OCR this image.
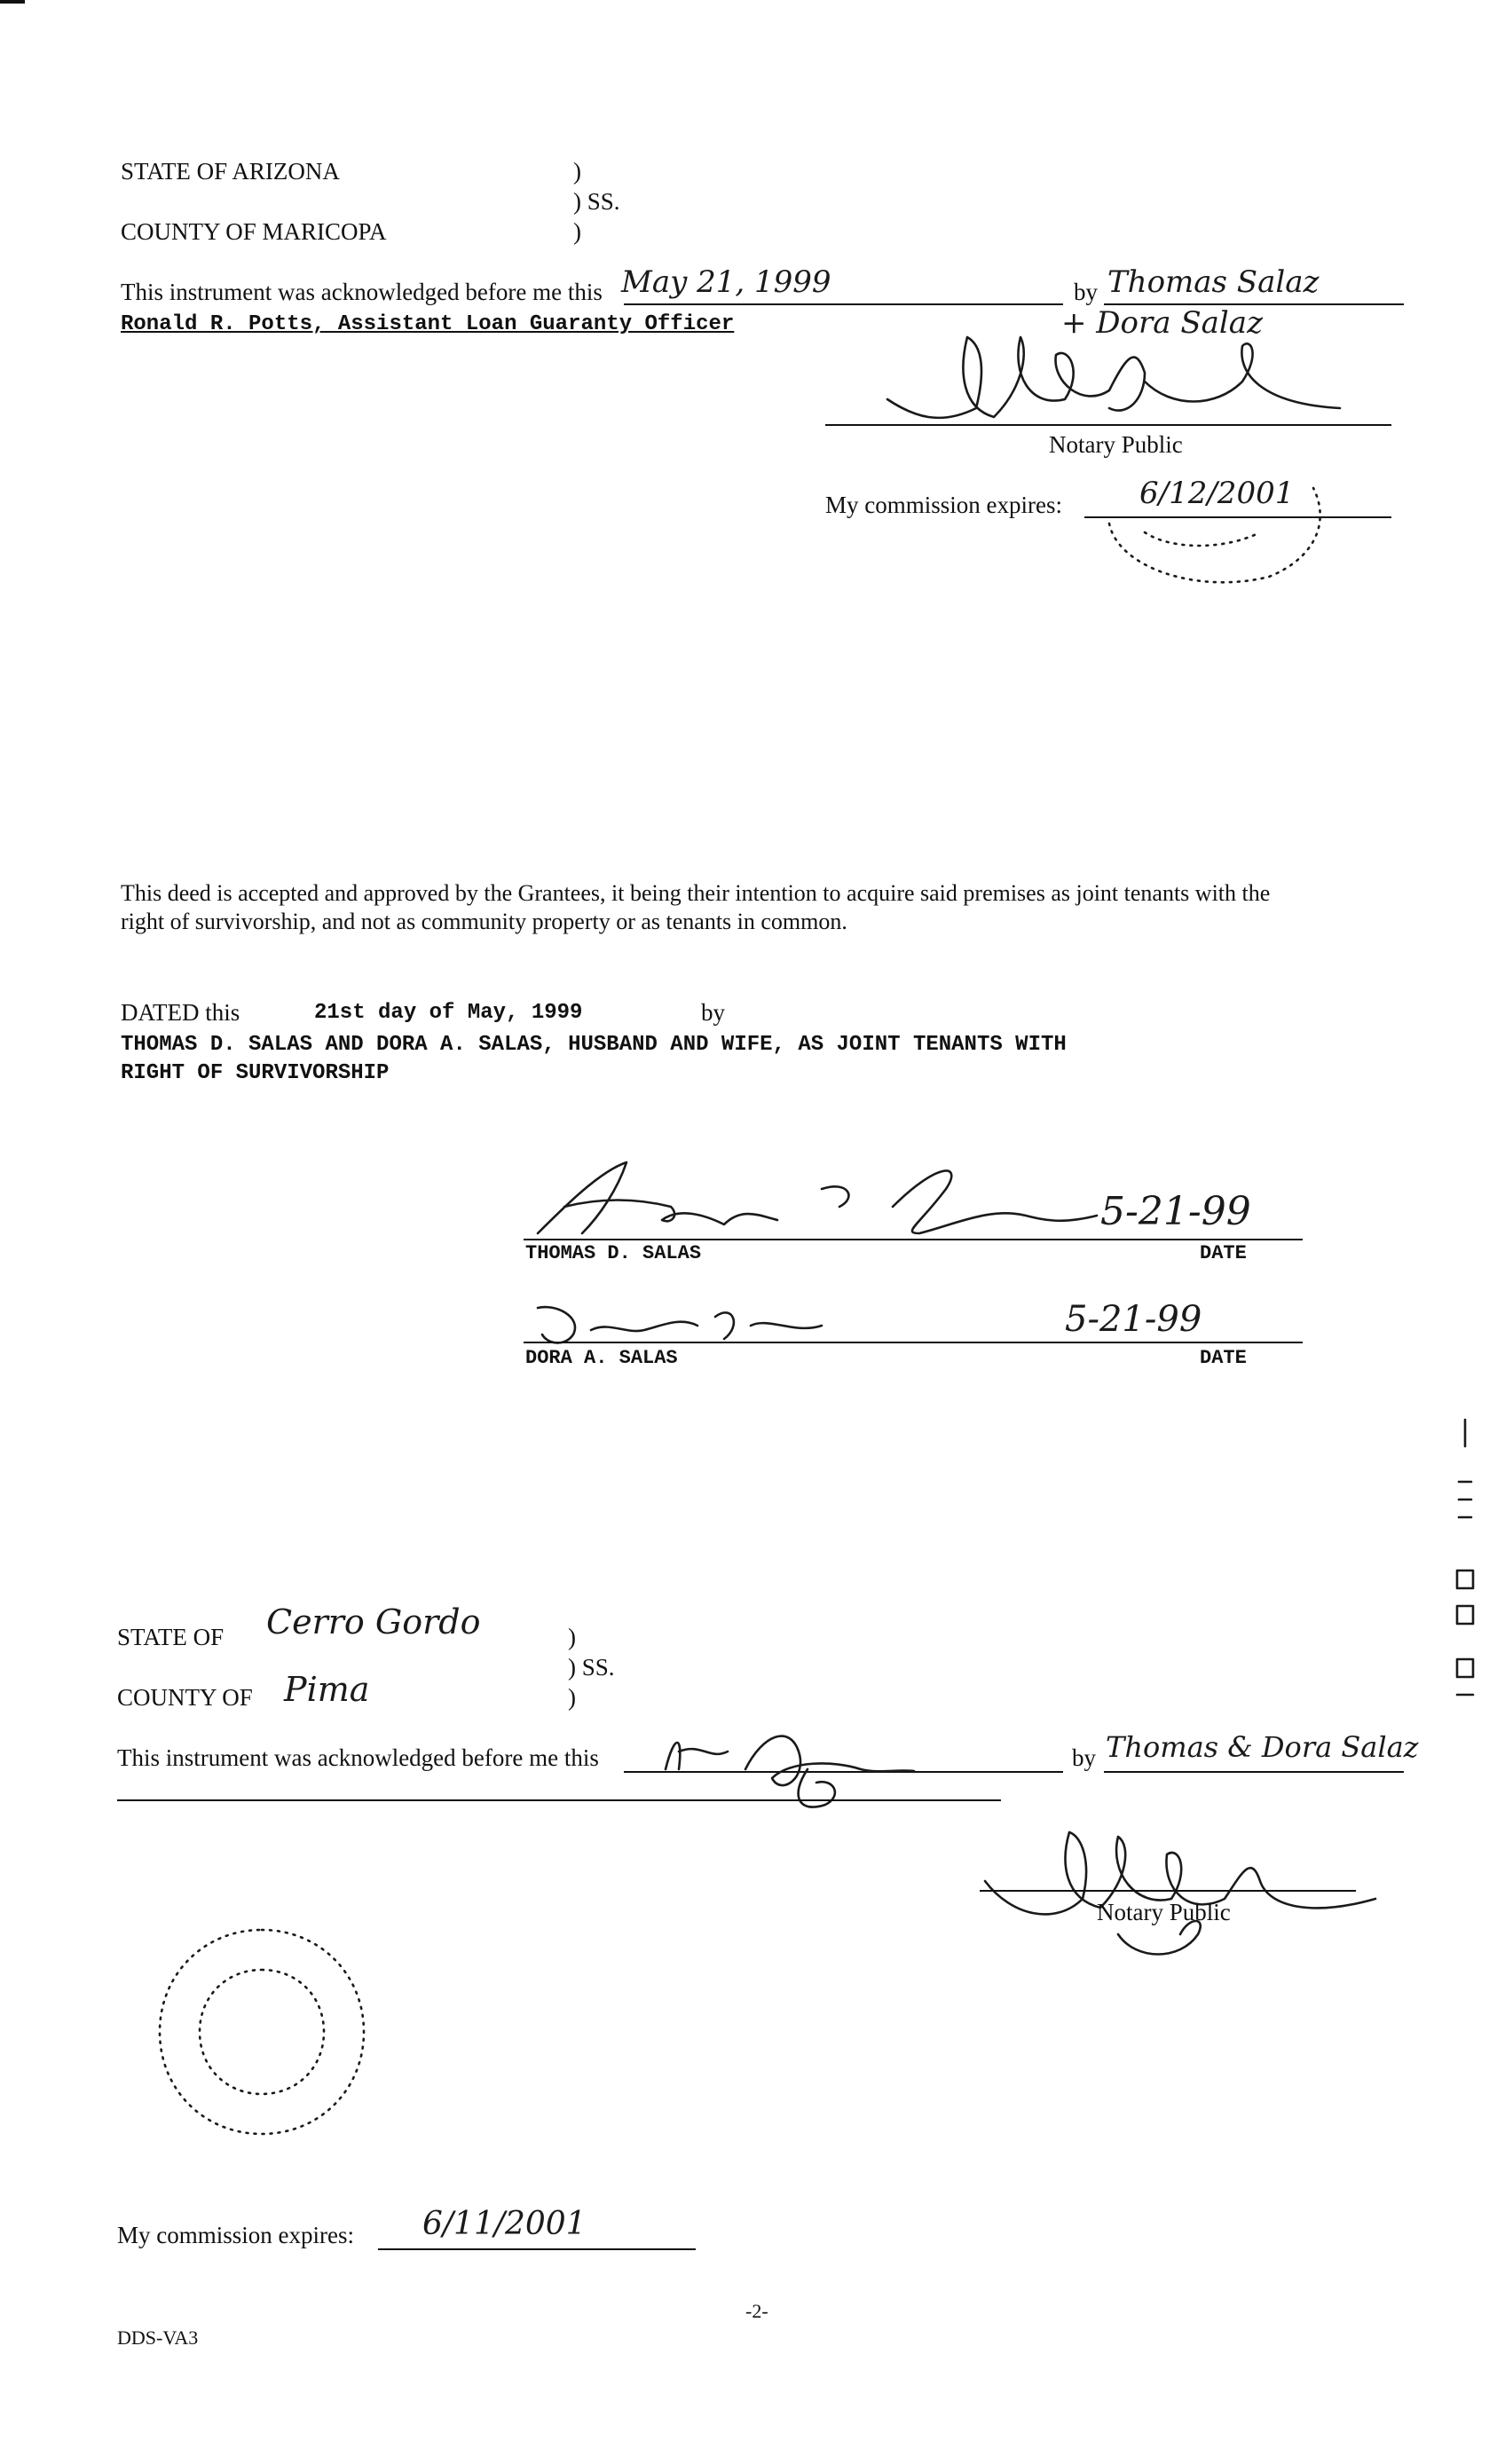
STATE OF ARIZONA	)
) SS.
COUNTY OF MARICOPA	)
This instrument was acknowledged before me this May 21, 1999	by Thomas Salaz
Ronald R. Potts, Assistant Loan Guaranty Officer	+ Dora Salaz
Notary Public
My commission expires:	6/12/2001
This deed is accepted and approved by the Grantees, it being their intention to acquire said premises as joint tenants with the
right of survivorship, and not as community property or as tenants in common.
DATED this	21st day of May, 1999	by
THOMAS D. SALAS AND DORA A. SALAS, HUSBAND AND WIFE, AS JOINT TENANTS WITH
RIGHT OF SURVIVORSHIP
5-21-99
THOMAS D. SALAS	DATE
5-21-99
DORA A. SALAS	DATE
STATE OF Cerro Gordo	)
) SS.
COUNTY OF Pima	)
This instrument was acknowledged before me this	by Thomas & Dora Salaz
Notary Public
My commission expires: 6/11/2001
-2-
DDS-VA3
